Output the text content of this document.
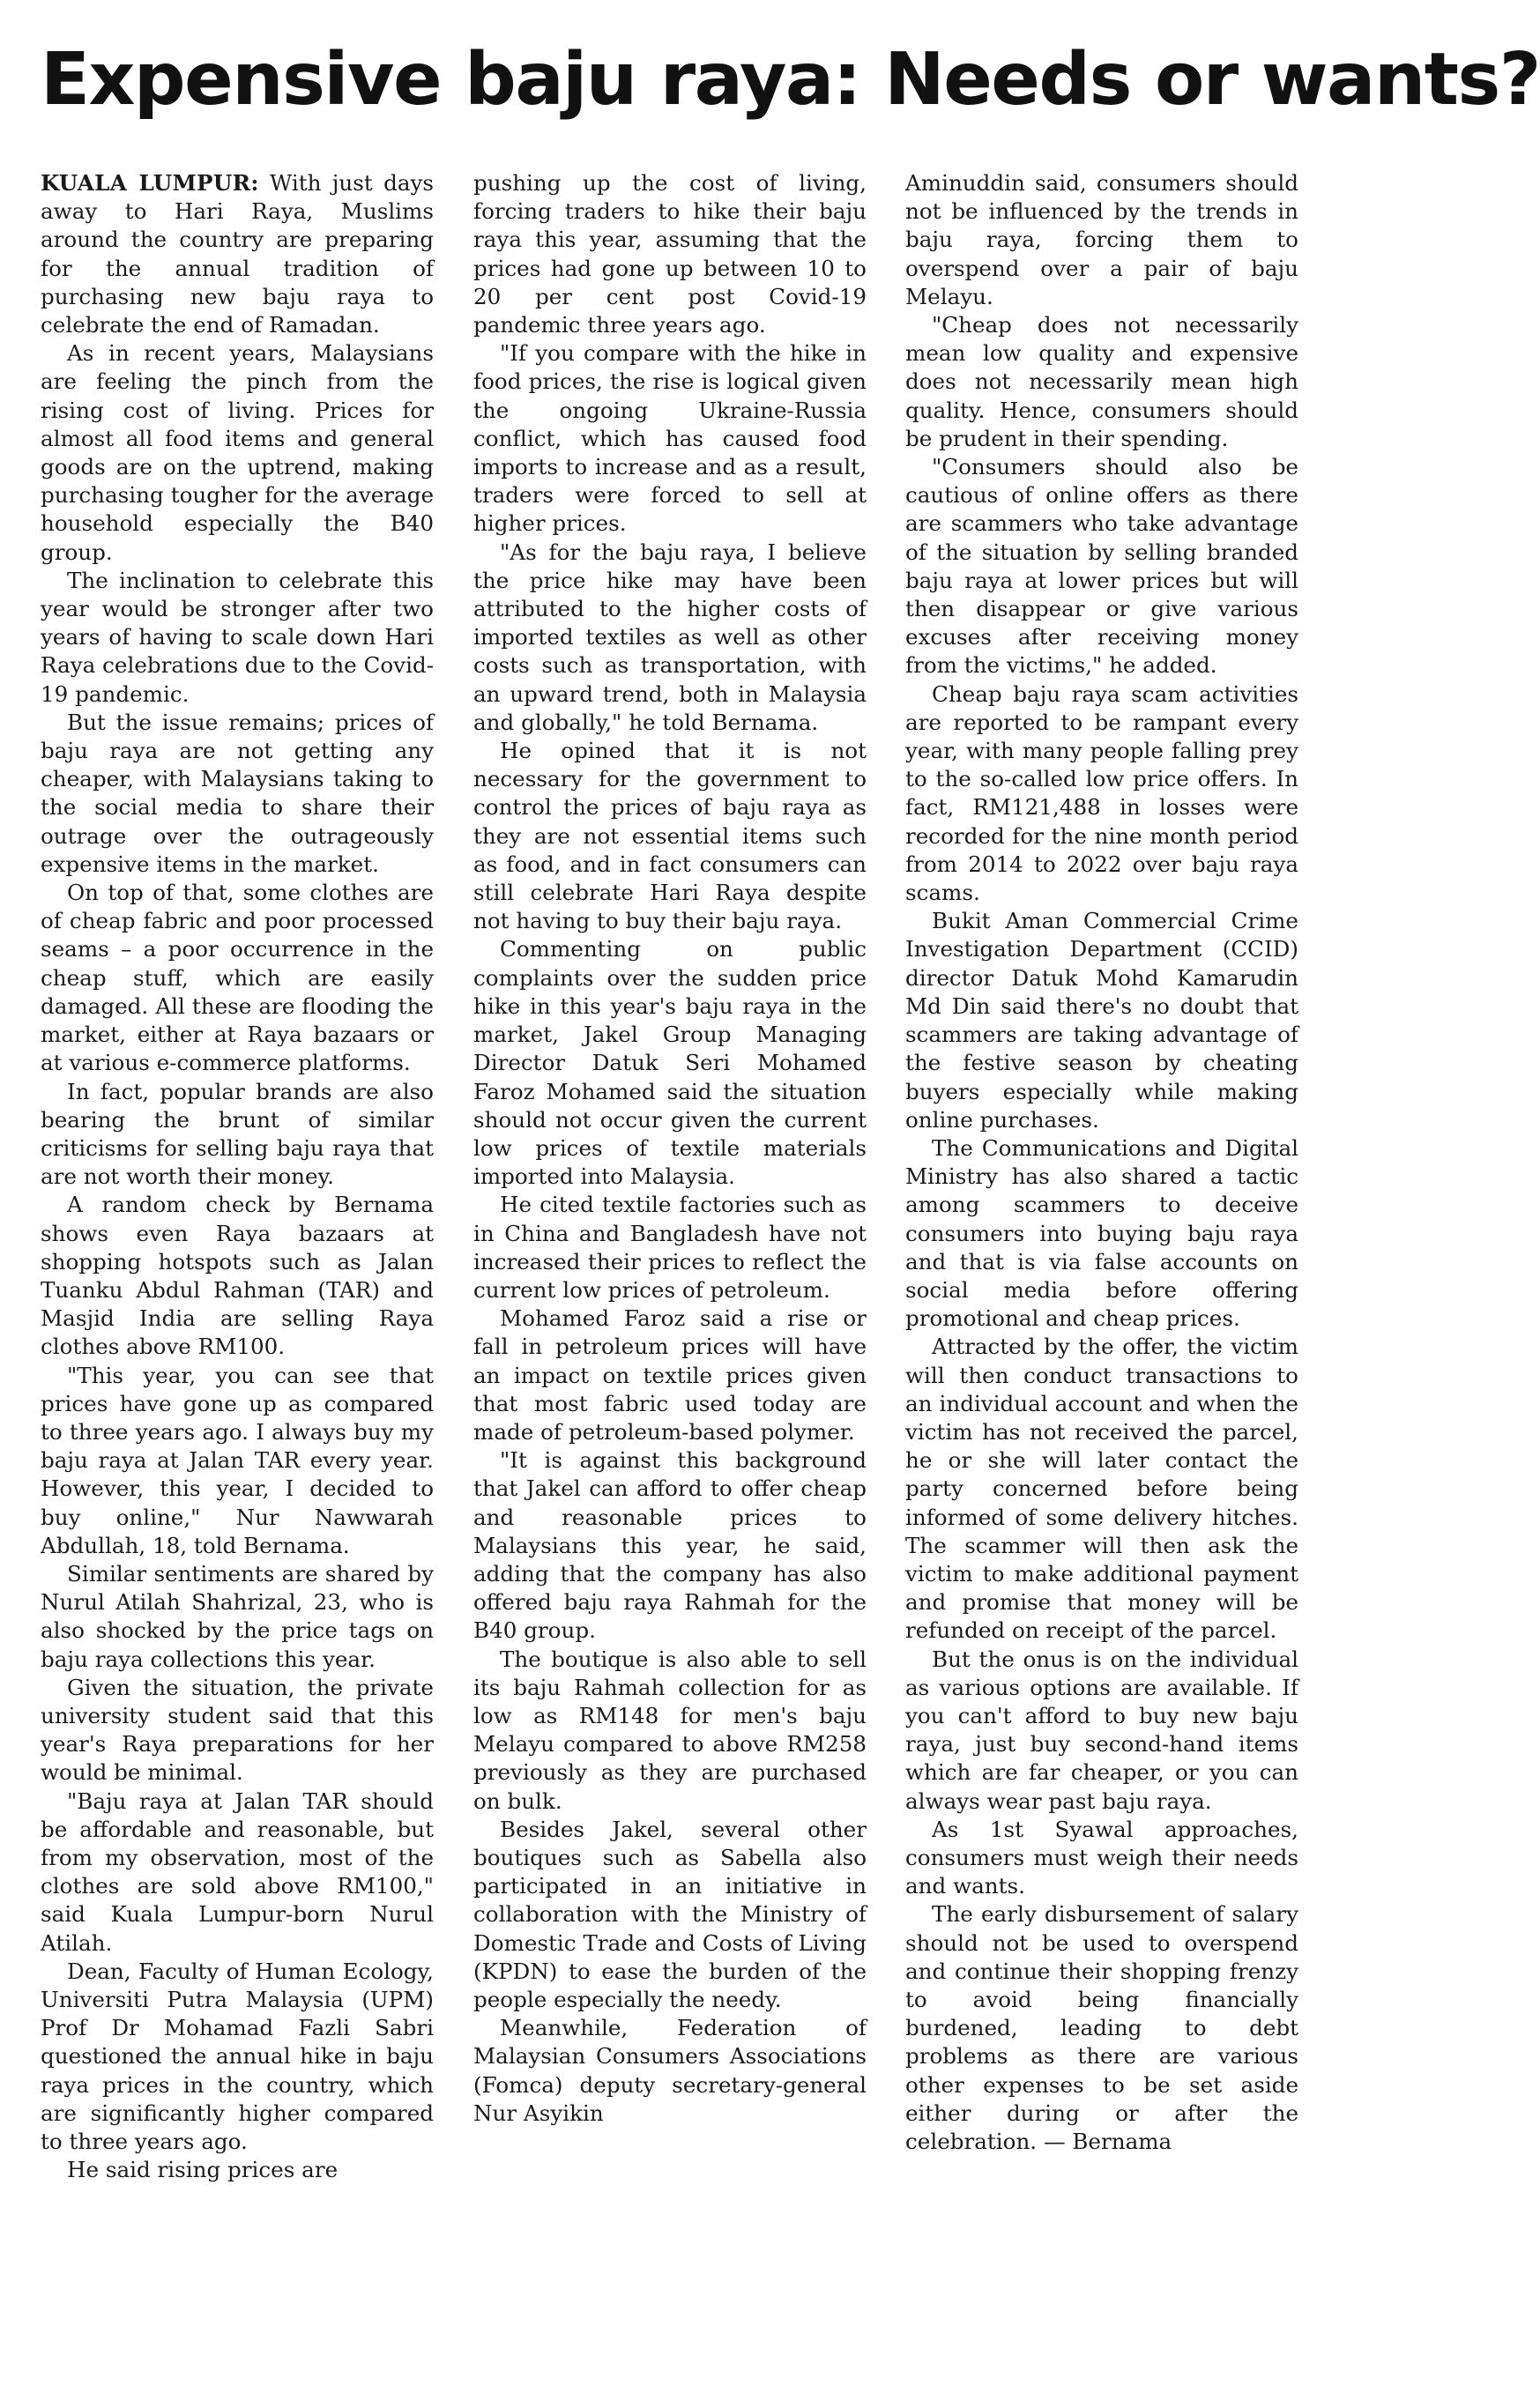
Expensive baju raya: Needs or wants?

KUALA LUMPUR: With just days away to Hari Raya, Muslims around the country are preparing for the annual tradition of purchasing new baju raya to celebrate the end of Ramadan.

As in recent years, Malaysians are feeling the pinch from the rising cost of living. Prices for almost all food items and general goods are on the uptrend, making purchasing tougher for the average household especially the B40 group.

The inclination to celebrate this year would be stronger after two years of having to scale down Hari Raya celebrations due to the Covid-19 pandemic.

But the issue remains; prices of baju raya are not getting any cheaper, with Malaysians taking to the social media to share their outrage over the outrageously expensive items in the market.

On top of that, some clothes are of cheap fabric and poor processed seams – a poor occurrence in the cheap stuff, which are easily damaged. All these are flooding the market, either at Raya bazaars or at various e-commerce platforms.

In fact, popular brands are also bearing the brunt of similar criticisms for selling baju raya that are not worth their money.

A random check by Bernama shows even Raya bazaars at shopping hotspots such as Jalan Tuanku Abdul Rahman (TAR) and Masjid India are selling Raya clothes above RM100.

"This year, you can see that prices have gone up as compared to three years ago. I always buy my baju raya at Jalan TAR every year. However, this year, I decided to buy online," Nur Nawwarah Abdullah, 18, told Bernama.

Similar sentiments are shared by Nurul Atilah Shahrizal, 23, who is also shocked by the price tags on baju raya collections this year.

Given the situation, the private university student said that this year's Raya preparations for her would be minimal.

"Baju raya at Jalan TAR should be affordable and reasonable, but from my observation, most of the clothes are sold above RM100," said Kuala Lumpur-born Nurul Atilah.

Dean, Faculty of Human Ecology, Universiti Putra Malaysia (UPM) Prof Dr Mohamad Fazli Sabri questioned the annual hike in baju raya prices in the country, which are significantly higher compared to three years ago.

He said rising prices are

pushing up the cost of living, forcing traders to hike their baju raya this year, assuming that the prices had gone up between 10 to 20 per cent post Covid-19 pandemic three years ago.

"If you compare with the hike in food prices, the rise is logical given the ongoing Ukraine-Russia conflict, which has caused food imports to increase and as a result, traders were forced to sell at higher prices.

"As for the baju raya, I believe the price hike may have been attributed to the higher costs of imported textiles as well as other costs such as transportation, with an upward trend, both in Malaysia and globally," he told Bernama.

He opined that it is not necessary for the government to control the prices of baju raya as they are not essential items such as food, and in fact consumers can still celebrate Hari Raya despite not having to buy their baju raya.

Commenting on public complaints over the sudden price hike in this year's baju raya in the market, Jakel Group Managing Director Datuk Seri Mohamed Faroz Mohamed said the situation should not occur given the current low prices of textile materials imported into Malaysia.

He cited textile factories such as in China and Bangladesh have not increased their prices to reflect the current low prices of petroleum.

Mohamed Faroz said a rise or fall in petroleum prices will have an impact on textile prices given that most fabric used today are made of petroleum-based polymer.

"It is against this background that Jakel can afford to offer cheap and reasonable prices to Malaysians this year, he said, adding that the company has also offered baju raya Rahmah for the B40 group.

The boutique is also able to sell its baju Rahmah collection for as low as RM148 for men's baju Melayu compared to above RM258 previously as they are purchased on bulk.

Besides Jakel, several other boutiques such as Sabella also participated in an initiative in collaboration with the Ministry of Domestic Trade and Costs of Living (KPDN) to ease the burden of the people especially the needy.

Meanwhile, Federation of Malaysian Consumers Associations (Fomca) deputy secretary-general Nur Asyikin

Aminuddin said, consumers should not be influenced by the trends in baju raya, forcing them to overspend over a pair of baju Melayu.

"Cheap does not necessarily mean low quality and expensive does not necessarily mean high quality. Hence, consumers should be prudent in their spending.

"Consumers should also be cautious of online offers as there are scammers who take advantage of the situation by selling branded baju raya at lower prices but will then disappear or give various excuses after receiving money from the victims," he added.

Cheap baju raya scam activities are reported to be rampant every year, with many people falling prey to the so-called low price offers. In fact, RM121,488 in losses were recorded for the nine month period from 2014 to 2022 over baju raya scams.

Bukit Aman Commercial Crime Investigation Department (CCID) director Datuk Mohd Kamarudin Md Din said there's no doubt that scammers are taking advantage of the festive season by cheating buyers especially while making online purchases.

The Communications and Digital Ministry has also shared a tactic among scammers to deceive consumers into buying baju raya and that is via false accounts on social media before offering promotional and cheap prices.

Attracted by the offer, the victim will then conduct transactions to an individual account and when the victim has not received the parcel, he or she will later contact the party concerned before being informed of some delivery hitches. The scammer will then ask the victim to make additional payment and promise that money will be refunded on receipt of the parcel.

But the onus is on the individual as various options are available. If you can't afford to buy new baju raya, just buy second-hand items which are far cheaper, or you can always wear past baju raya.

As 1st Syawal approaches, consumers must weigh their needs and wants.

The early disbursement of salary should not be used to overspend and continue their shopping frenzy to avoid being financially burdened, leading to debt problems as there are various other expenses to be set aside either during or after the celebration. — Bernama
